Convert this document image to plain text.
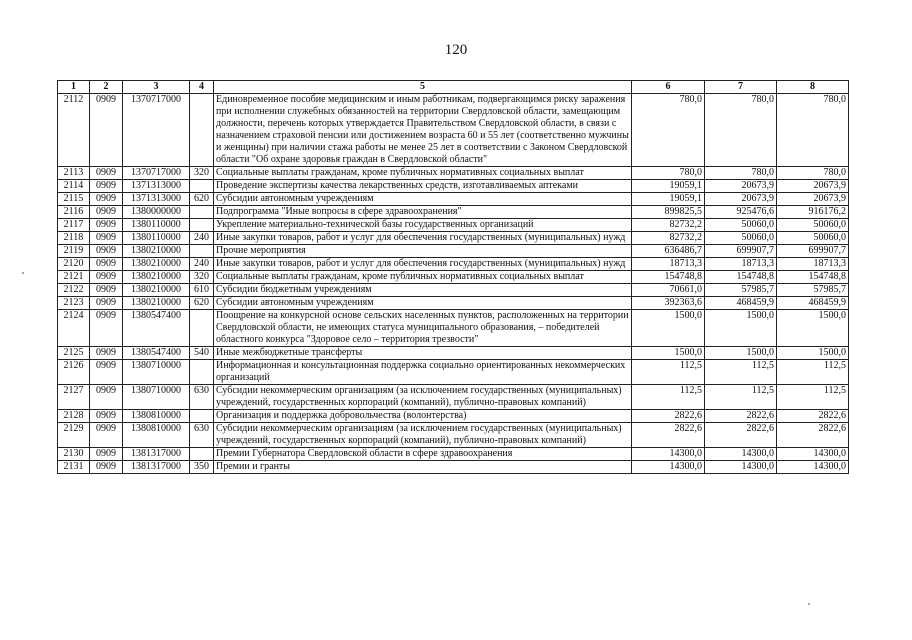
120
1	2	3	4	5	6	7	8
2112	0909	1370717000		Единовременное пособие медицинским и иным работникам, подвергающимся риску заражения при исполнении служебных обязанностей на территории Свердловской области, замещающим должности, перечень которых утверждается Правительством Свердловской области, в связи с назначением страховой пенсии или достижением возраста 60 и 55 лет (соответственно мужчины и женщины) при наличии стажа работы не менее 25 лет в соответствии с Законом Свердловской области "Об охране здоровья граждан в Свердловской области"	780,0	780,0	780,0
2113	0909	1370717000	320	Социальные выплаты гражданам, кроме публичных нормативных социальных выплат	780,0	780,0	780,0
2114	0909	1371313000		Проведение экспертизы качества лекарственных средств, изготавливаемых аптеками	19059,1	20673,9	20673,9
2115	0909	1371313000	620	Субсидии автономным учреждениям	19059,1	20673,9	20673,9
2116	0909	1380000000		Подпрограмма "Иные вопросы в сфере здравоохранения"	899825,5	925476,6	916176,2
2117	0909	1380110000		Укрепление материально-технической базы государственных организаций	82732,2	50060,0	50060,0
2118	0909	1380110000	240	Иные закупки товаров, работ и услуг для обеспечения государственных (муниципальных) нужд	82732,2	50060,0	50060,0
2119	0909	1380210000		Прочие мероприятия	636486,7	699907,7	699907,7
2120	0909	1380210000	240	Иные закупки товаров, работ и услуг для обеспечения государственных (муниципальных) нужд	18713,3	18713,3	18713,3
2121	0909	1380210000	320	Социальные выплаты гражданам, кроме публичных нормативных социальных выплат	154748,8	154748,8	154748,8
2122	0909	1380210000	610	Субсидии бюджетным учреждениям	70661,0	57985,7	57985,7
2123	0909	1380210000	620	Субсидии автономным учреждениям	392363,6	468459,9	468459,9
2124	0909	1380547400		Поощрение на конкурсной основе сельских населенных пунктов, расположенных на территории Свердловской области, не имеющих статуса муниципального образования, – победителей областного конкурса "Здоровое село – территория трезвости"	1500,0	1500,0	1500,0
2125	0909	1380547400	540	Иные межбюджетные трансферты	1500,0	1500,0	1500,0
2126	0909	1380710000		Информационная и консультационная поддержка социально ориентированных некоммерческих организаций	112,5	112,5	112,5
2127	0909	1380710000	630	Субсидии некоммерческим организациям (за исключением государственных (муниципальных) учреждений, государственных корпораций (компаний), публично-правовых компаний)	112,5	112,5	112,5
2128	0909	1380810000		Организация и поддержка добровольчества (волонтерства)	2822,6	2822,6	2822,6
2129	0909	1380810000	630	Субсидии некоммерческим организациям (за исключением государственных (муниципальных) учреждений, государственных корпораций (компаний), публично-правовых компаний)	2822,6	2822,6	2822,6
2130	0909	1381317000		Премии Губернатора Свердловской области в сфере здравоохранения	14300,0	14300,0	14300,0
2131	0909	1381317000	350	Премии и гранты	14300,0	14300,0	14300,0
